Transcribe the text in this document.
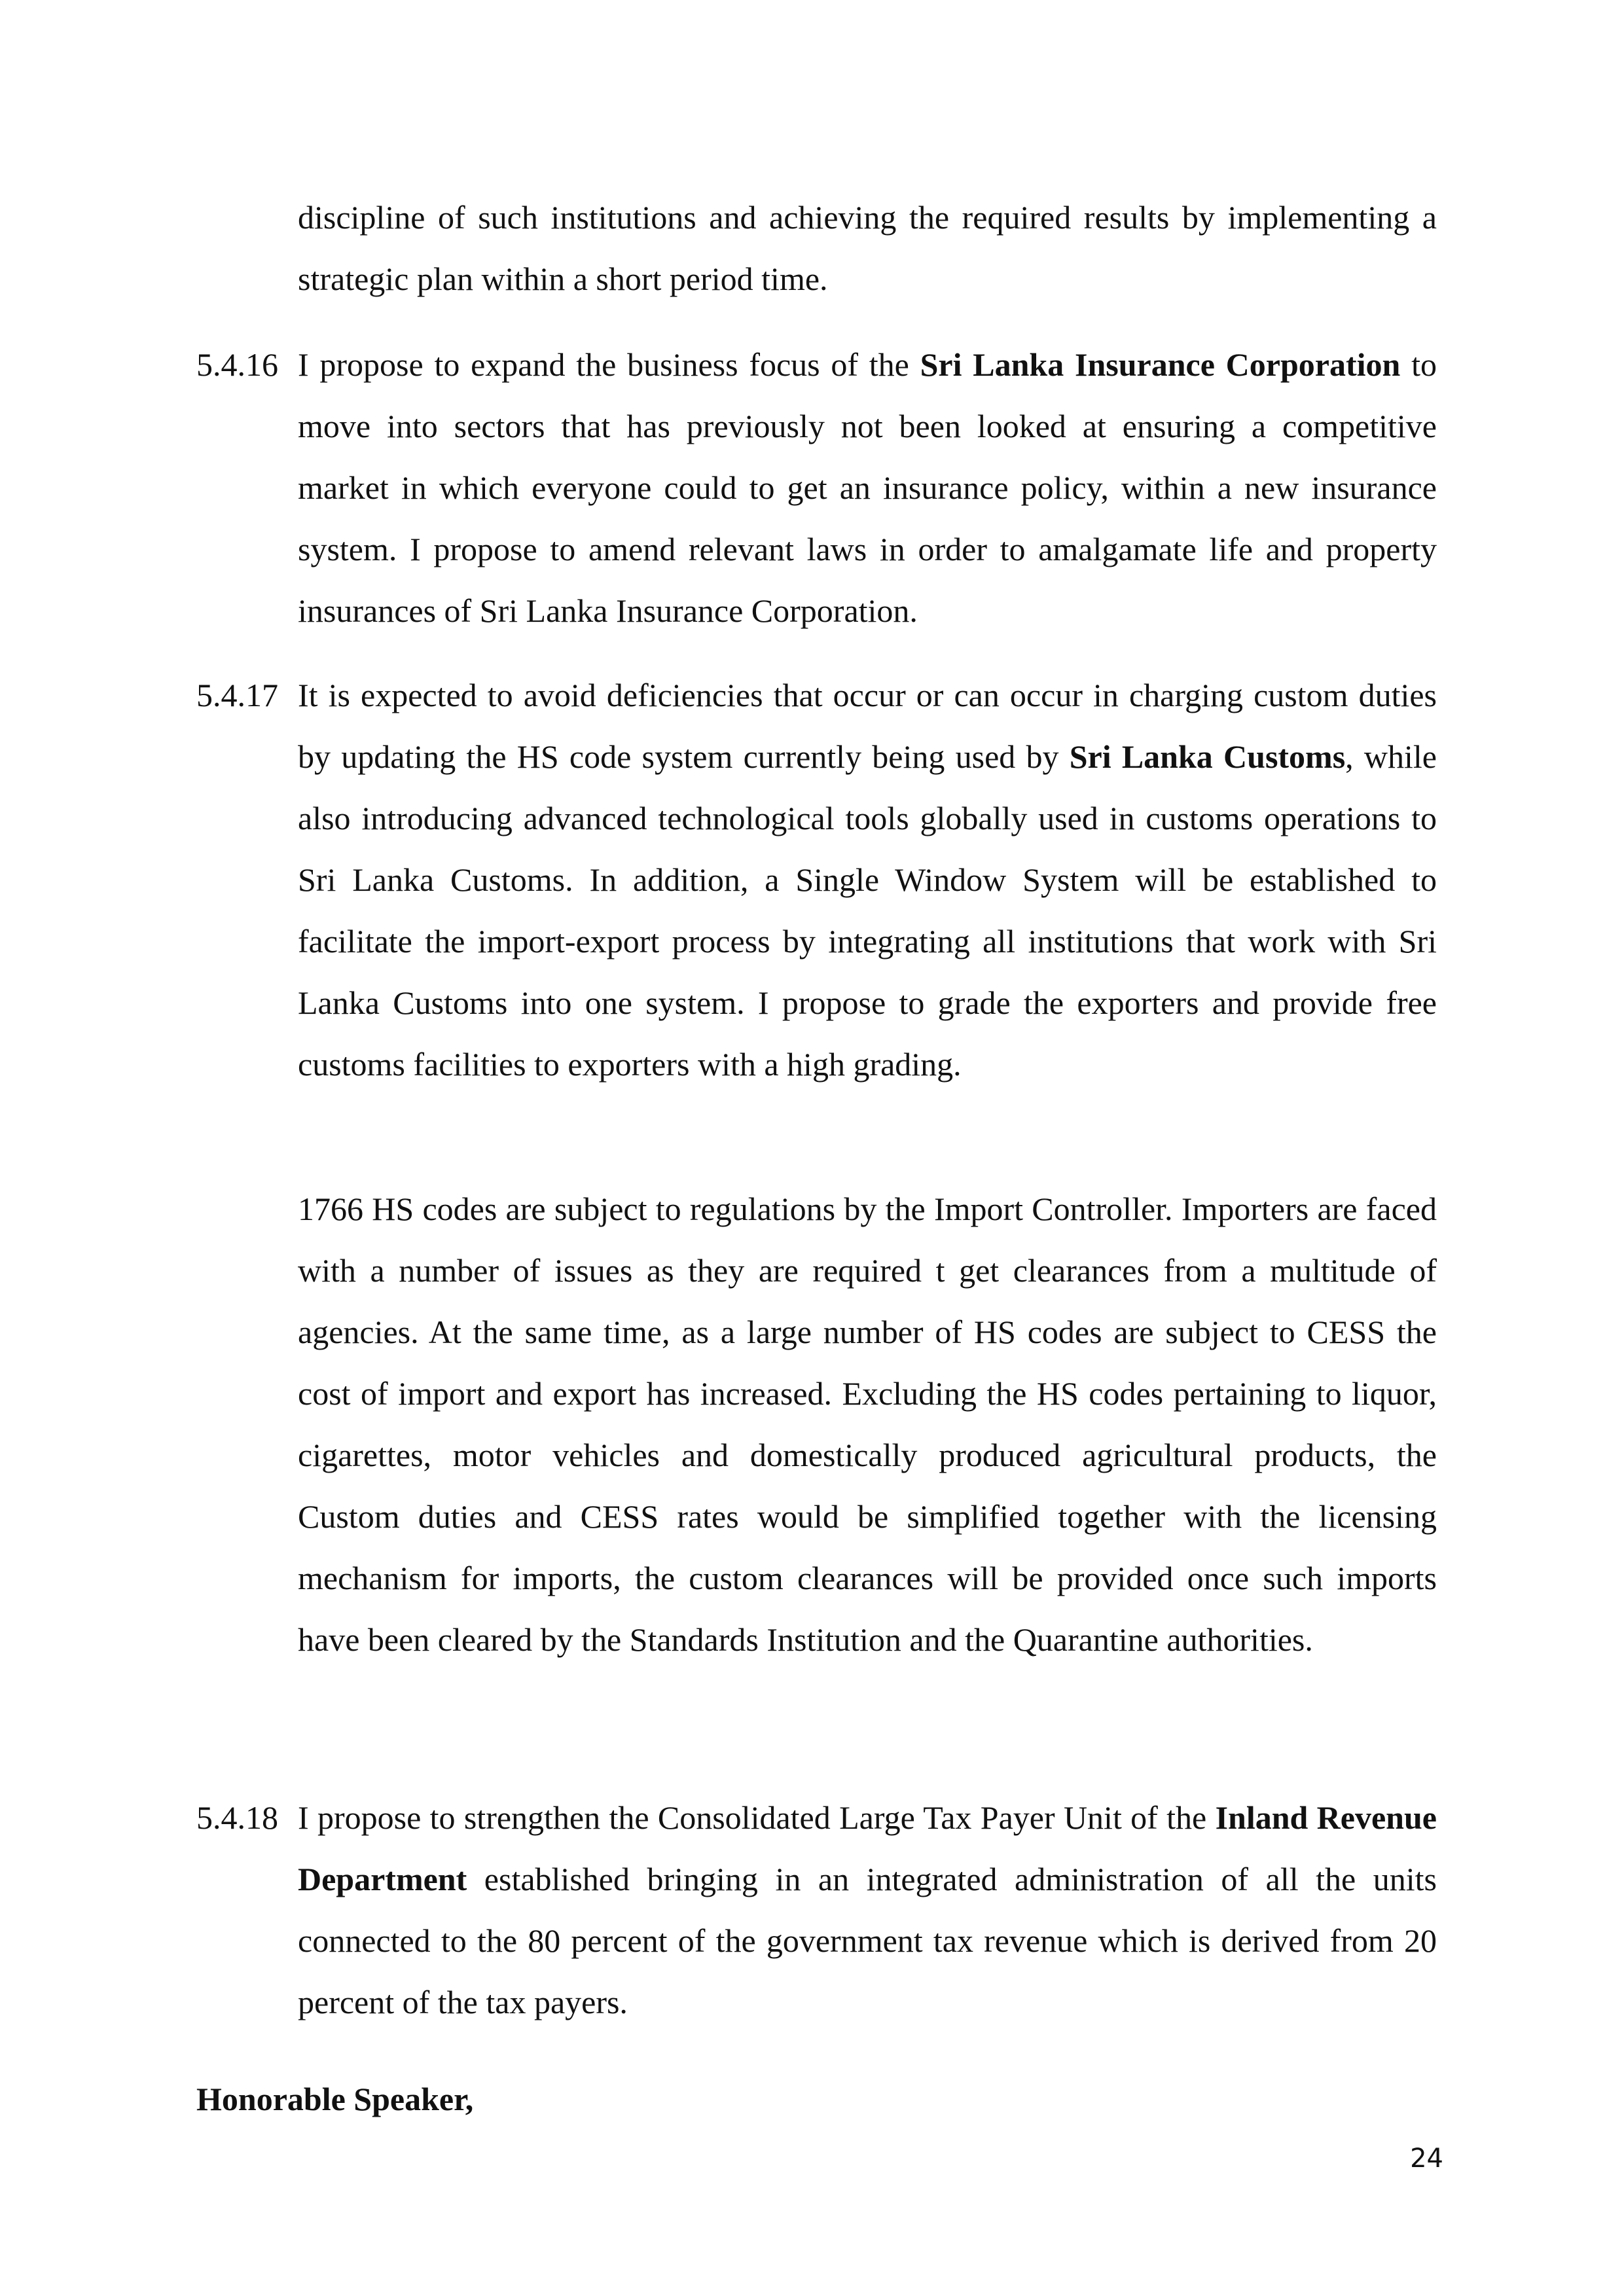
discipline of such institutions and achieving the required results by implementing a strategic plan within a short period time.

5.4.16 I propose to expand the business focus of the Sri Lanka Insurance Corporation to move into sectors that has previously not been looked at ensuring a competitive market in which everyone could to get an insurance policy, within a new insurance system. I propose to amend relevant laws in order to amalgamate life and property insurances of Sri Lanka Insurance Corporation.

5.4.17 It is expected to avoid deficiencies that occur or can occur in charging custom duties by updating the HS code system currently being used by Sri Lanka Customs, while also introducing advanced technological tools globally used in customs operations to Sri Lanka Customs. In addition, a Single Window System will be established to facilitate the import-export process by integrating all institutions that work with Sri Lanka Customs into one system. I propose to grade the exporters and provide free customs facilities to exporters with a high grading.

1766 HS codes are subject to regulations by the Import Controller. Importers are faced with a number of issues as they are required t get clearances from a multitude of agencies. At the same time, as a large number of HS codes are subject to CESS the cost of import and export has increased. Excluding the HS codes pertaining to liquor, cigarettes, motor vehicles and domestically produced agricultural products, the Custom duties and CESS rates would be simplified together with the licensing mechanism for imports, the custom clearances will be provided once such imports have been cleared by the Standards Institution and the Quarantine authorities.

5.4.18 I propose to strengthen the Consolidated Large Tax Payer Unit of the Inland Revenue Department established bringing in an integrated administration of all the units connected to the 80 percent of the government tax revenue which is derived from 20 percent of the tax payers.

Honorable Speaker,

24
